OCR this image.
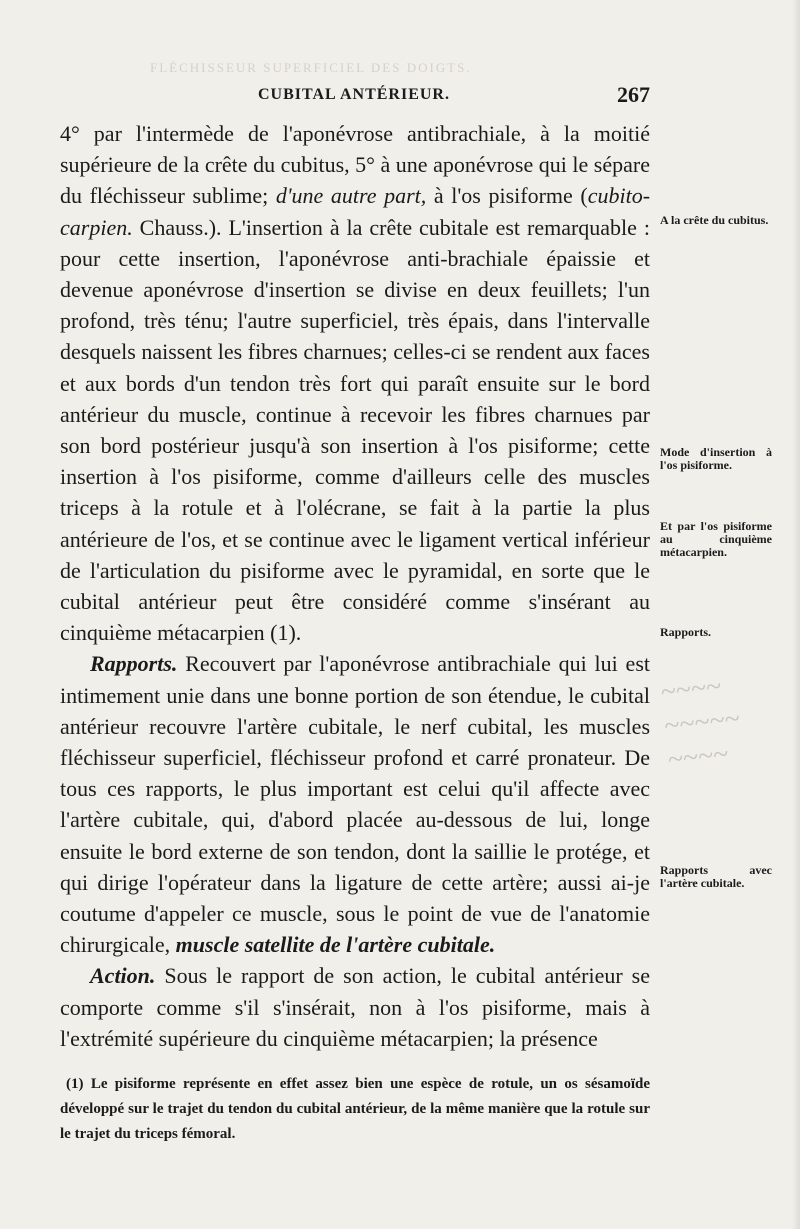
FLÉCHISSEUR SUPERFICIEL DES DOIGTS.
CUBITAL ANTÉRIEUR.	267

4° par l'intermède de l'aponévrose antibrachiale, à la moitié supérieure de la crête du cubitus, 5° à une aponévrose qui le sépare du fléchisseur sublime; d'une autre part, à l'os pisiforme (cubito-carpien. Chauss.). L'insertion à la crête cubitale est remarquable : pour cette insertion, l'aponévrose anti-brachiale épaissie et devenue aponévrose d'insertion se divise en deux feuillets; l'un profond, très ténu; l'autre superficiel, très épais, dans l'intervalle desquels naissent les fibres charnues; celles-ci se rendent aux faces et aux bords d'un tendon très fort qui paraît ensuite sur le bord antérieur du muscle, continue à recevoir les fibres charnues par son bord postérieur jusqu'à son insertion à l'os pisiforme; cette insertion à l'os pisiforme, comme d'ailleurs celle des muscles triceps à la rotule et à l'olécrane, se fait à la partie la plus antérieure de l'os, et se continue avec le ligament vertical inférieur de l'articulation du pisiforme avec le pyramidal, en sorte que le cubital antérieur peut être considéré comme s'insérant au cinquième métacarpien (1).

Rapports. Recouvert par l'aponévrose antibrachiale qui lui est intimement unie dans une bonne portion de son étendue, le cubital antérieur recouvre l'artère cubitale, le nerf cubital, les muscles fléchisseur superficiel, fléchisseur profond et carré pronateur. De tous ces rapports, le plus important est celui qu'il affecte avec l'artère cubitale, qui, d'abord placée au-dessous de lui, longe ensuite le bord externe de son tendon, dont la saillie le protége, et qui dirige l'opérateur dans la ligature de cette artère; aussi ai-je coutume d'appeler ce muscle, sous le point de vue de l'anatomie chirurgicale, muscle satellite de l'artère cubitale.

Action. Sous le rapport de son action, le cubital antérieur se comporte comme s'il s'insérait, non à l'os pisiforme, mais à l'extrémité supérieure du cinquième métacarpien; la présence

A la crête du cubitus.
Mode d'insertion à l'os pisiforme.
Et par l'os pisiforme au cinquième métacarpien.
Rapports.
Rapports avec l'artère cubitale.
~~~~
~~~~~
~~~~

(1) Le pisiforme représente en effet assez bien une espèce de rotule, un os sésamoïde développé sur le trajet du tendon du cubital antérieur, de la même manière que la rotule sur le trajet du triceps fémoral.
